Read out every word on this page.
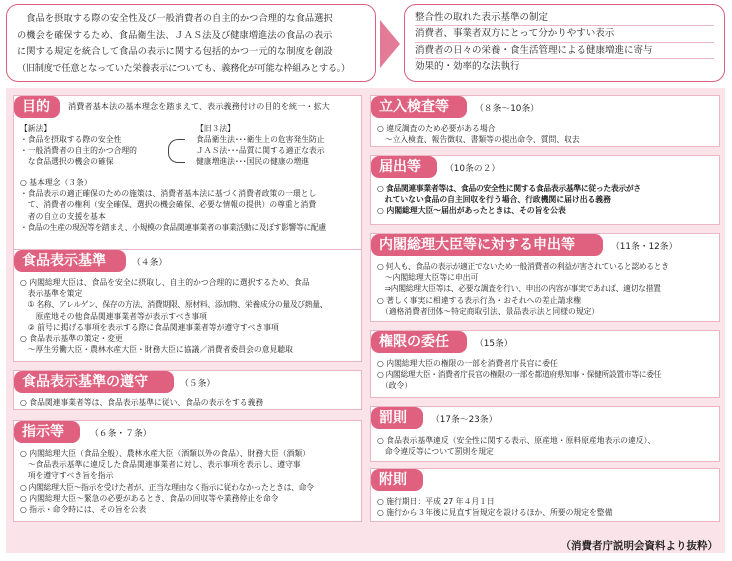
　食品を摂取する際の安全性及び一般消費者の自主的かつ合理的な食品選択
の機会を確保するため、食品衛生法、ＪＡＳ法及び健康増進法の食品の表示
に関する規定を統合して食品の表示に関する包括的かつ一元的な制度を創設
（旧制度で任意となっていた栄養表示についても、義務化が可能な枠組みとする。）
整合性の取れた表示基準の制定
消費者、事業者双方にとって分かりやすい表示
消費者の日々の栄養・食生活管理による健康増進に寄与
効果的・効率的な法執行
目的	消費者基本法の基本理念を踏まえて、表示義務付けの目的を統一・拡大
【新法】
・食品を摂取する際の安全性
・一般消費者の自主的かつ合理的
　な食品選択の機会の確保
【旧３法】
食品衛生法･･･衛生上の危害発生防止
ＪＡＳ法･･･品質に関する適正な表示
健康増進法･･･国民の健康の増進
○ 基本理念（３条）
・食品表示の適正確保のための施策は、消費者基本法に基づく消費者政策の一環とし
　て、消費者の権利（安全確保、選択の機会確保、必要な情報の提供）の尊重と消費
　者の自立の支援を基本
・食品の生産の現況等を踏まえ、小規模の食品関連事業者の事業活動に及ぼす影響等に配慮
食品表示基準	（４条）
○ 内閣総理大臣は、食品を安全に摂取し、自主的かつ合理的に選択するため、食品
　表示基準を策定
　① 名称、アレルゲン、保存の方法、消費期限、原材料、添加物、栄養成分の量及び熱量、
　　原産地その他食品関連事業者等が表示すべき事項
　② 前号に掲げる事項を表示する際に食品関連事業者等が遵守すべき事項
○ 食品表示基準の策定・変更
　～厚生労働大臣・農林水産大臣・財務大臣に協議／消費者委員会の意見聴取
食品表示基準の遵守	（５条）
○ 食品関連事業者等は、食品表示基準に従い、食品の表示をする義務
指示等	（６条・７条）
○ 内閣総理大臣（食品全般）、農林水産大臣（酒類以外の食品）、財務大臣（酒類）
　～食品表示基準に違反した食品関連事業者に対し、表示事項を表示し、遵守事
　項を遵守すべき旨を指示
○ 内閣総理大臣～指示を受けた者が、正当な理由なく指示に従わなかったときは、命令
○ 内閣総理大臣～緊急の必要があるとき、食品の回収等や業務停止を命令
○ 指示・命令時には、その旨を公表
立入検査等	（８条～10条）
○ 違反調査のため必要がある場合
　～立入検査、報告徴収、書類等の提出命令、質問、収去
届出等	（10条の２）
○ 食品関連事業者等は、食品の安全性に関する食品表示基準に従った表示がさ
　れていない食品の自主回収を行う場合、行政機関に届け出る義務
○ 内閣総理大臣～届出があったときは、その旨を公表
内閣総理大臣等に対する申出等	（11条・12条）
○ 何人も、食品の表示が適正でないため一般消費者の利益が害されていると認めるとき
　～内閣総理大臣等に申出可
　⇒内閣総理大臣等は、必要な調査を行い、申出の内容が事実であれば、適切な措置
○ 著しく事実に相違する表示行為・おそれへの差止請求権
　（適格消費者団体～特定商取引法、景品表示法と同様の規定）
権限の委任	（15条）
○ 内閣総理大臣の権限の一部を消費者庁長官に委任
○ 内閣総理大臣・消費者庁長官の権限の一部を都道府県知事・保健所設置市等に委任
　（政令）
罰則	（17条～23条）
○ 食品表示基準違反（安全性に関する表示、原産地・原料原産地表示の違反）、
　命令違反等について罰則を規定
附則
○ 施行期日：平成 27 年４月１日
○ 施行から３年後に見直す旨規定を設けるほか、所要の規定を整備
（消費者庁説明会資料より抜粋）
